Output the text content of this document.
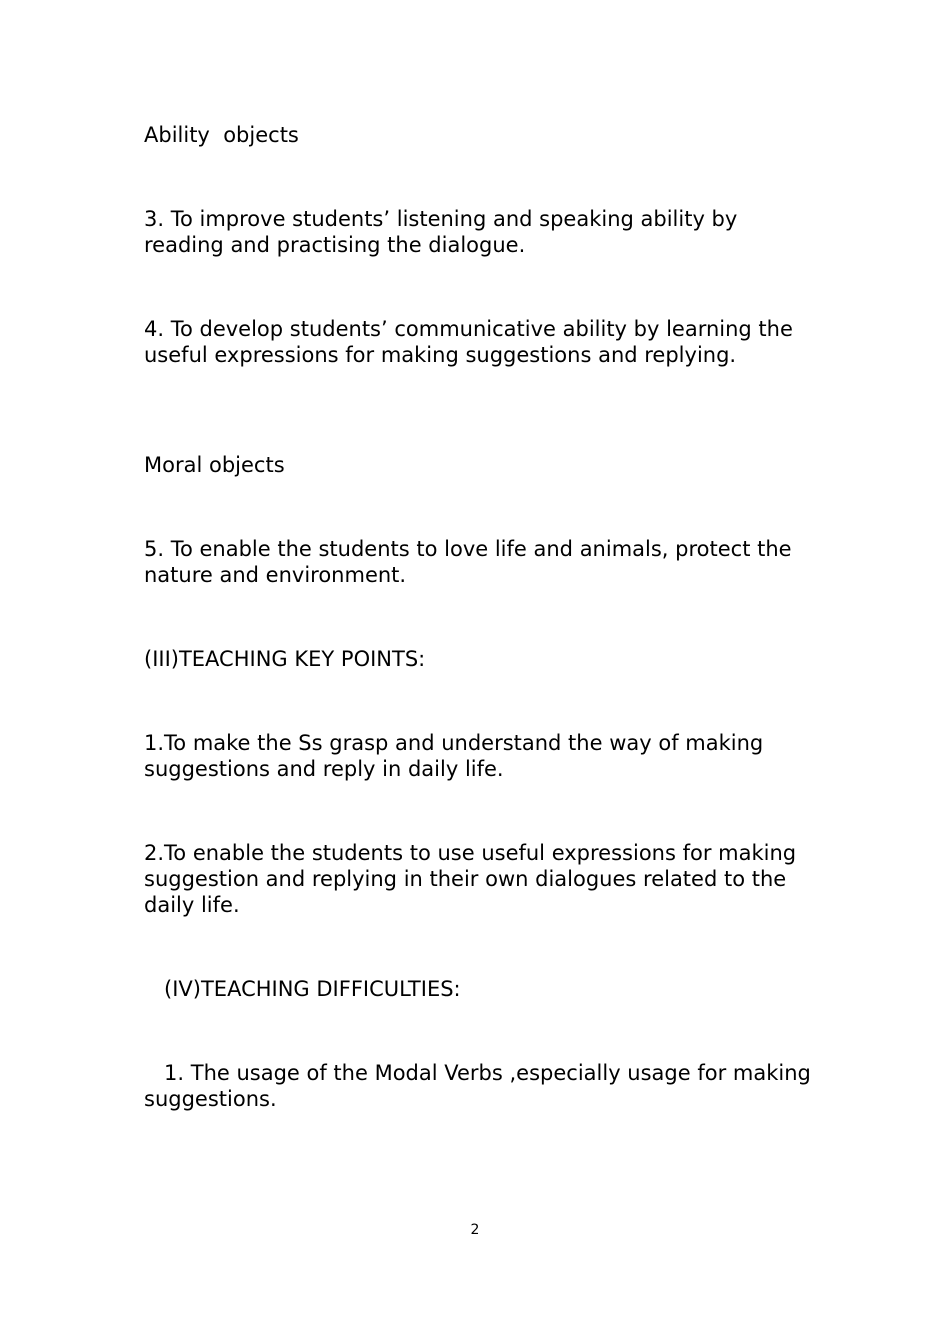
Ability  objects

3. To improve students’ listening and speaking ability by reading and practising the dialogue.

4. To develop students’ communicative ability by learning the useful expressions for making suggestions and replying.

Moral objects

5. To enable the students to love life and animals, protect the nature and environment.

(III)TEACHING KEY POINTS:

1.To make the Ss grasp and understand the way of making suggestions and reply in daily life.

2.To enable the students to use useful expressions for making suggestion and replying in their own dialogues related to the daily life.

(IV)TEACHING DIFFICULTIES:

1. The usage of the Modal Verbs ,especially usage for making suggestions.

2
